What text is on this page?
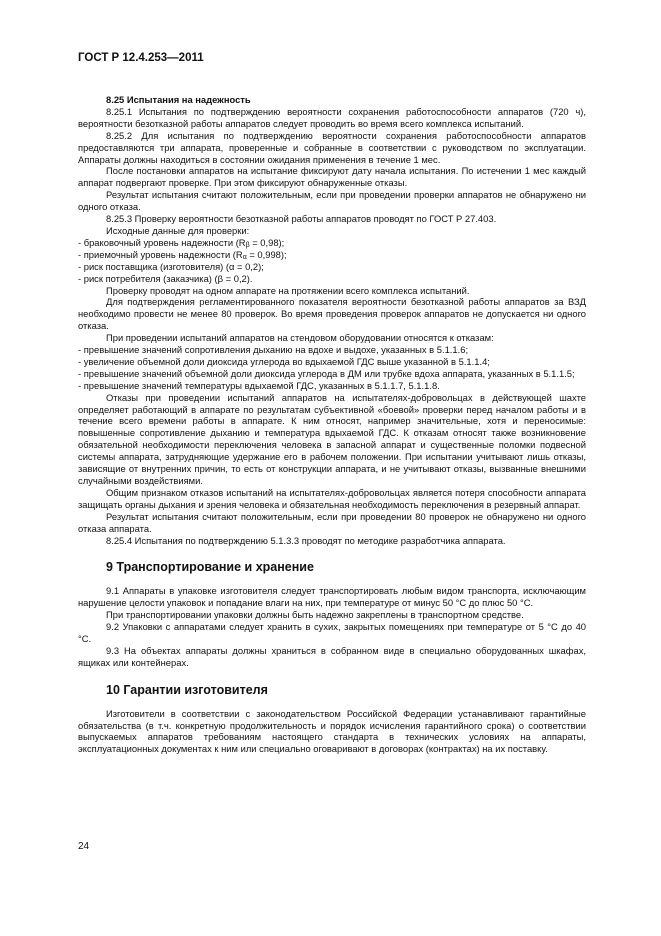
ГОСТ Р 12.4.253—2011

8.25 Испытания на надежность

8.25.1 Испытания по подтверждению вероятности сохранения работоспособности аппаратов (720 ч), вероятности безотказной работы аппаратов следует проводить во время всего комплекса испытаний.

8.25.2 Для испытания по подтверждению вероятности сохранения работоспособности аппаратов предоставляются три аппарата, проверенные и собранные в соответствии с руководством по эксплуатации. Аппараты должны находиться в состоянии ожидания применения в течение 1 мес.

После постановки аппаратов на испытание фиксируют дату начала испытания. По истечении 1 мес каждый аппарат подвергают проверке. При этом фиксируют обнаруженные отказы.

Результат испытания считают положительным, если при проведении проверки аппаратов не обнаружено ни одного отказа.

8.25.3 Проверку вероятности безотказной работы аппаратов проводят по ГОСТ Р 27.403.

Исходные данные для проверки:

- браковочный уровень надежности $(R_\beta = 0,98)$;

- приемочный уровень надежности $(R_\alpha = 0,998)$;

- риск поставщика (изготовителя) (α = 0,2);

- риск потребителя (заказчика) (β = 0,2).

Проверку проводят на одном аппарате на протяжении всего комплекса испытаний.

Для подтверждения регламентированного показателя вероятности безотказной работы аппаратов за ВЗД необходимо провести не менее 80 проверок. Во время проведения проверок аппаратов не допускается ни одного отказа.

При проведении испытаний аппаратов на стендовом оборудовании относятся к отказам:

- превышение значений сопротивления дыханию на вдохе и выдохе, указанных в 5.1.1.6;

- увеличение объемной доли диоксида углерода во вдыхаемой ГДС выше указанной в 5.1.1.4;

- превышение значений объемной доли диоксида углерода в ДМ или трубке вдоха аппарата, указанных в 5.1.1.5;

- превышение значений температуры вдыхаемой ГДС, указанных в 5.1.1.7, 5.1.1.8.

Отказы при проведении испытаний аппаратов на испытателях-добровольцах в действующей шахте определяет работающий в аппарате по результатам субъективной «боевой» проверки перед началом работы и в течение всего времени работы в аппарате. К ним относят, например значительные, хотя и переносимые: повышенные сопротивление дыханию и температура вдыхаемой ГДС. К отказам относят также возникновение обязательной необходимости переключения человека в запасной аппарат и существенные поломки подвесной системы аппарата, затрудняющие удержание его в рабочем положении. При испытании учитывают лишь отказы, зависящие от внутренних причин, то есть от конструкции аппарата, и не учитывают отказы, вызванные внешними случайными воздействиями.

Общим признаком отказов испытаний на испытателях-добровольцах является потеря способности аппарата защищать органы дыхания и зрения человека и обязательная необходимость переключения в резервный аппарат.

Результат испытания считают положительным, если при проведении 80 проверок не обнаружено ни одного отказа аппарата.

8.25.4 Испытания по подтверждению 5.1.3.3 проводят по методике разработчика аппарата.

9 Транспортирование и хранение

9.1 Аппараты в упаковке изготовителя следует транспортировать любым видом транспорта, исключающим нарушение целости упаковок и попадание влаги на них, при температуре от минус 50 °С до плюс 50 °С.

При транспортировании упаковки должны быть надежно закреплены в транспортном средстве.

9.2 Упаковки с аппаратами следует хранить в сухих, закрытых помещениях при температуре от 5 °С до 40 °С.

9.3 На объектах аппараты должны храниться в собранном виде в специально оборудованных шкафах, ящиках или контейнерах.

10 Гарантии изготовителя

Изготовители в соответствии с законодательством Российской Федерации устанавливают гарантийные обязательства (в т.ч. конкретную продолжительность и порядок исчисления гарантийного срока) о соответствии выпускаемых аппаратов требованиям настоящего стандарта в технических условиях на аппараты, эксплуатационных документах к ним или специально оговаривают в договорах (контрактах) на их поставку.

24
